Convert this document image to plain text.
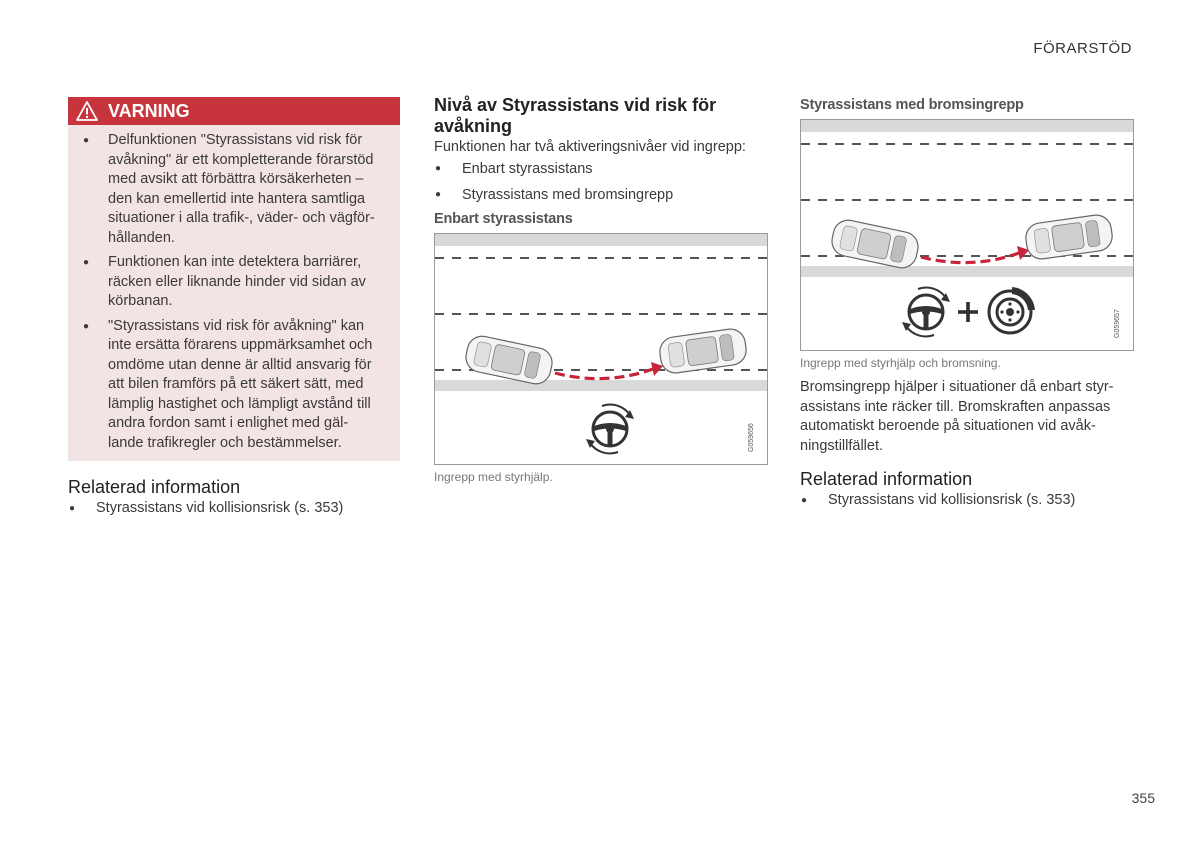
FÖRARSTÖD
VARNING
● Delfunktionen "Styrassistans vid risk för avåkning" är ett kompletterande förarstöd med avsikt att förbättra körsäkerheten – den kan emellertid inte hantera samtliga situationer i alla trafik-, väder- och vägför- hållanden.
● Funktionen kan inte detektera barriärer, räcken eller liknande hinder vid sidan av körbanan.
● "Styrassistans vid risk för avåkning" kan inte ersätta förarens uppmärksamhet och omdöme utan denne är alltid ansvarig för att bilen framförs på ett säkert sätt, med lämplig hastighet och lämpligt avstånd till andra fordon samt i enlighet med gäl- lande trafikregler och bestämmelser.
Relaterad information
● Styrassistans vid kollisionsrisk (s. 353)
Nivå av Styrassistans vid risk för avåkning
Funktionen har två aktiveringsnivåer vid ingrepp:
● Enbart styrassistans
● Styrassistans med bromsingrepp
Enbart styrassistans
G059656
Ingrepp med styrhjälp.
Styrassistans med bromsingrepp
G059657
Ingrepp med styrhjälp och bromsning.
Bromsingrepp hjälper i situationer då enbart styr- assistans inte räcker till. Bromskraften anpassas automatiskt beroende på situationen vid avåk- ningstillfället.
Relaterad information
● Styrassistans vid kollisionsrisk (s. 353)
355
